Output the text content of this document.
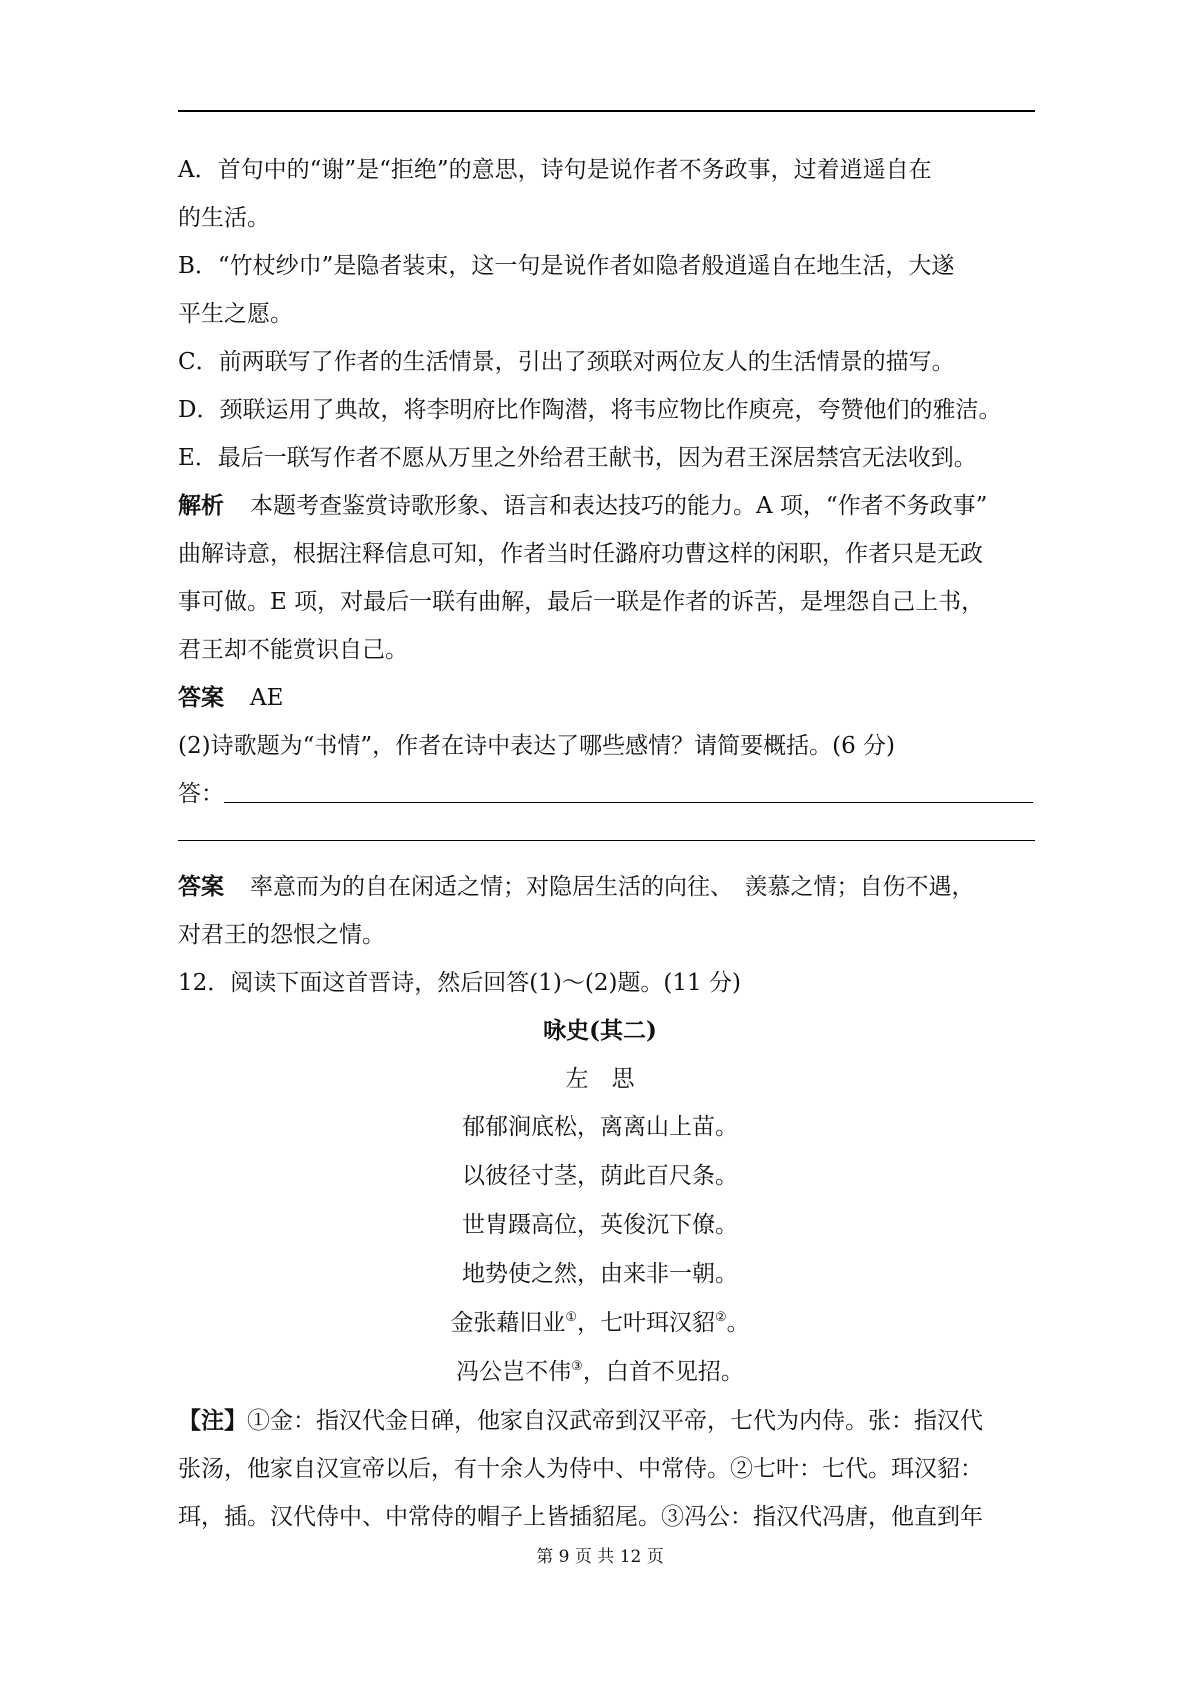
A．首句中的“谢”是“拒绝”的意思，诗句是说作者不务政事，过着逍遥自在
的生活。
B．“竹杖纱巾”是隐者装束，这一句是说作者如隐者般逍遥自在地生活，大遂
平生之愿。
C．前两联写了作者的生活情景，引出了颈联对两位友人的生活情景的描写。
D．颈联运用了典故，将李明府比作陶潜，将韦应物比作庾亮，夸赞他们的雅洁。
E．最后一联写作者不愿从万里之外给君王献书，因为君王深居禁宫无法收到。
解析 本题考查鉴赏诗歌形象、语言和表达技巧的能力。A 项，“作者不务政事”
曲解诗意，根据注释信息可知，作者当时任潞府功曹这样的闲职，作者只是无政
事可做。E 项，对最后一联有曲解，最后一联是作者的诉苦，是埋怨自己上书，
君王却不能赏识自己。
答案 AE
(2)诗歌题为“书情”，作者在诗中表达了哪些感情？请简要概括。(6 分)
答：
答案 率意而为的自在闲适之情；对隐居生活的向往、　羡慕之情；自伤不遇，
对君王的怨恨之情。
12．阅读下面这首晋诗，然后回答(1)～(2)题。(11 分)
咏史(其二)
左　思
郁郁涧底松，离离山上苗。
以彼径寸茎，荫此百尺条。
世胄蹑高位，英俊沉下僚。
地势使之然，由来非一朝。
金张藉旧业①，七叶珥汉貂②。
冯公岂不伟③，白首不见招。
【注】①金：指汉代金日䃅，他家自汉武帝到汉平帝，七代为内侍。张：指汉代
张汤，他家自汉宣帝以后，有十余人为侍中、中常侍。②七叶：七代。珥汉貂：
珥，插。汉代侍中、中常侍的帽子上皆插貂尾。③冯公：指汉代冯唐，他直到年
第 9 页 共 12 页
